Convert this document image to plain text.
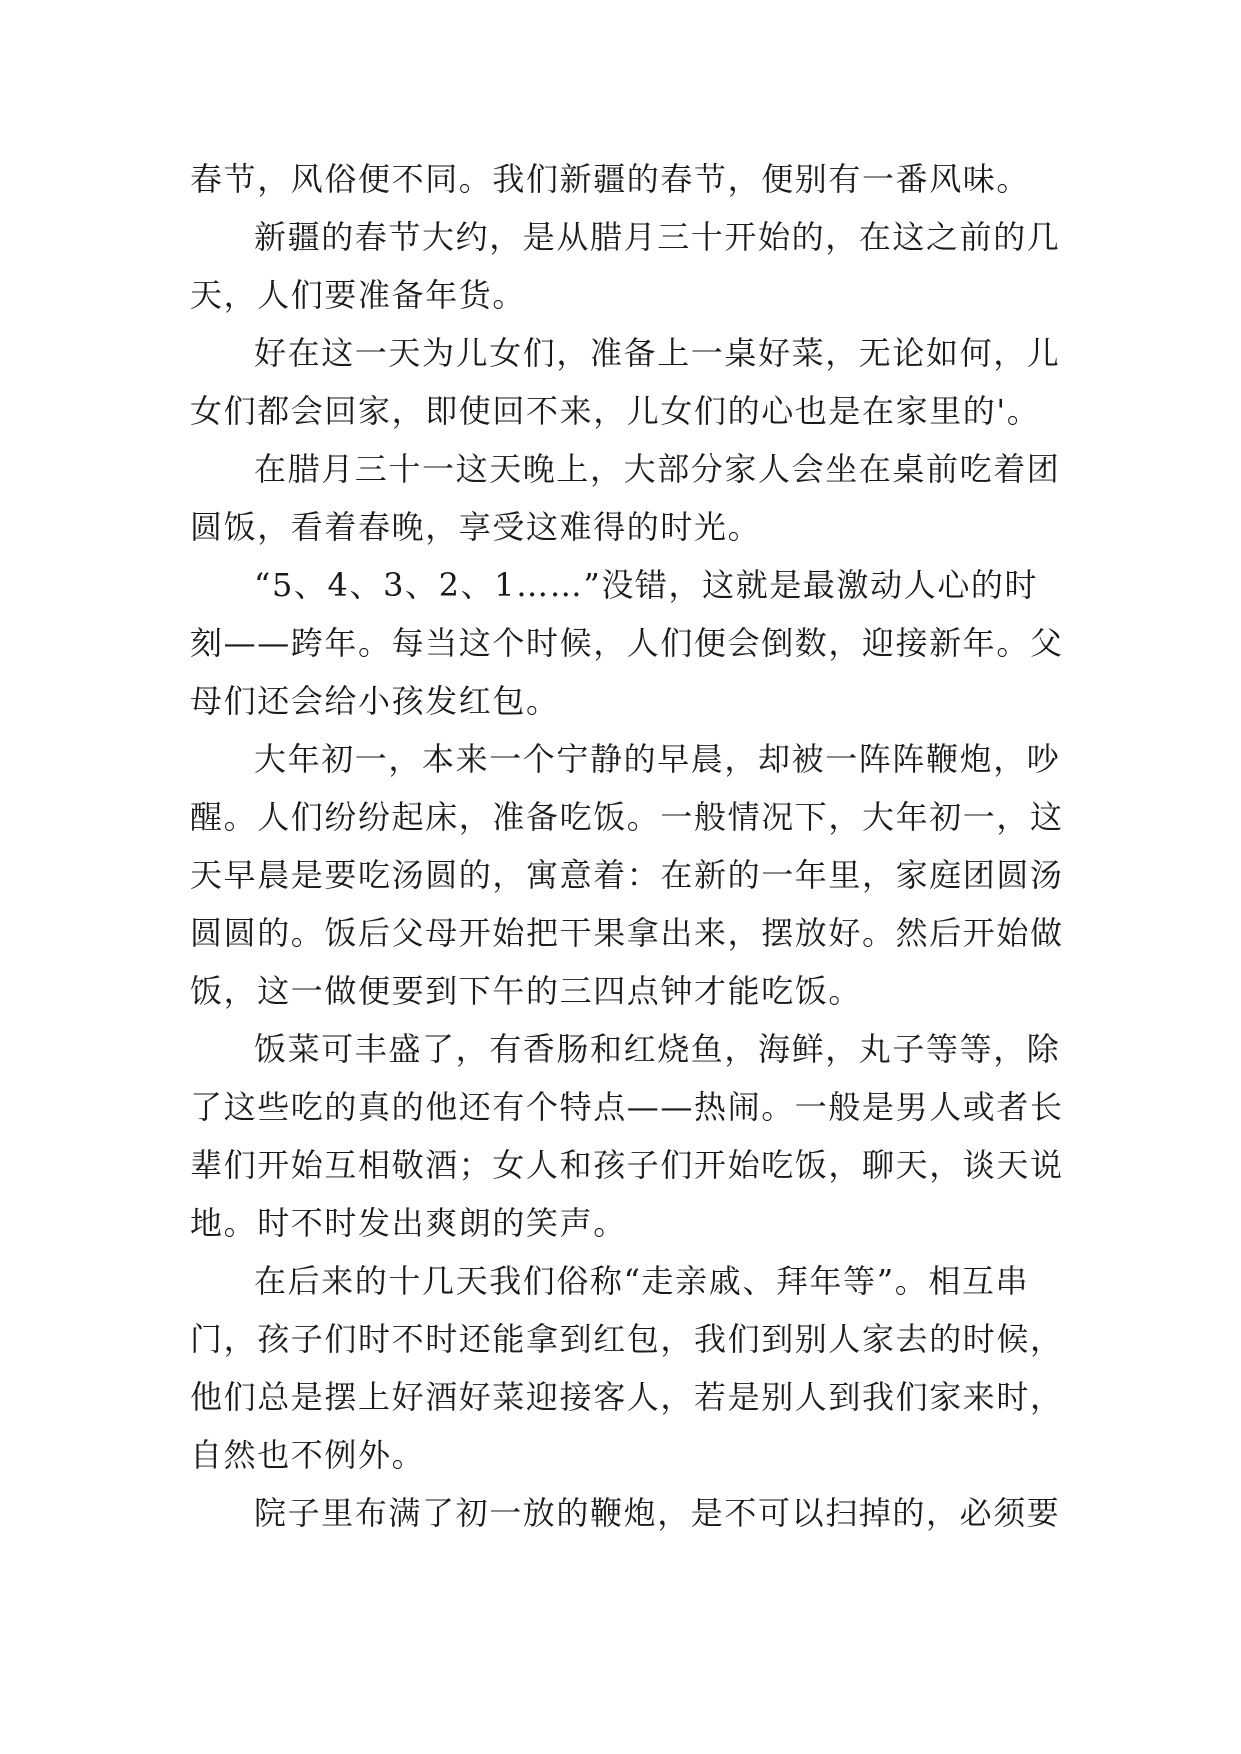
春节，风俗便不同。我们新疆的春节，便别有一番风味。

新疆的春节大约，是从腊月三十开始的，在这之前的几天，人们要准备年货。

好在这一天为儿女们，准备上一桌好菜，无论如何，儿女们都会回家，即使回不来，儿女们的心也是在家里的'。

在腊月三十一这天晚上，大部分家人会坐在桌前吃着团圆饭，看着春晚，享受这难得的时光。

“5、4、3、2、1……”没错，这就是最激动人心的时刻——跨年。每当这个时候，人们便会倒数，迎接新年。父母们还会给小孩发红包。

大年初一，本来一个宁静的早晨，却被一阵阵鞭炮，吵醒。人们纷纷起床，准备吃饭。一般情况下，大年初一，这天早晨是要吃汤圆的，寓意着：在新的一年里，家庭团圆汤圆圆的。饭后父母开始把干果拿出来，摆放好。然后开始做饭，这一做便要到下午的三四点钟才能吃饭。

饭菜可丰盛了，有香肠和红烧鱼，海鲜，丸子等等，除了这些吃的真的他还有个特点——热闹。一般是男人或者长辈们开始互相敬酒；女人和孩子们开始吃饭，聊天，谈天说地。时不时发出爽朗的笑声。

在后来的十几天我们俗称“走亲戚、拜年等”。相互串门，孩子们时不时还能拿到红包，我们到别人家去的时候，他们总是摆上好酒好菜迎接客人，若是别人到我们家来时，自然也不例外。

院子里布满了初一放的鞭炮，是不可以扫掉的，必须要
